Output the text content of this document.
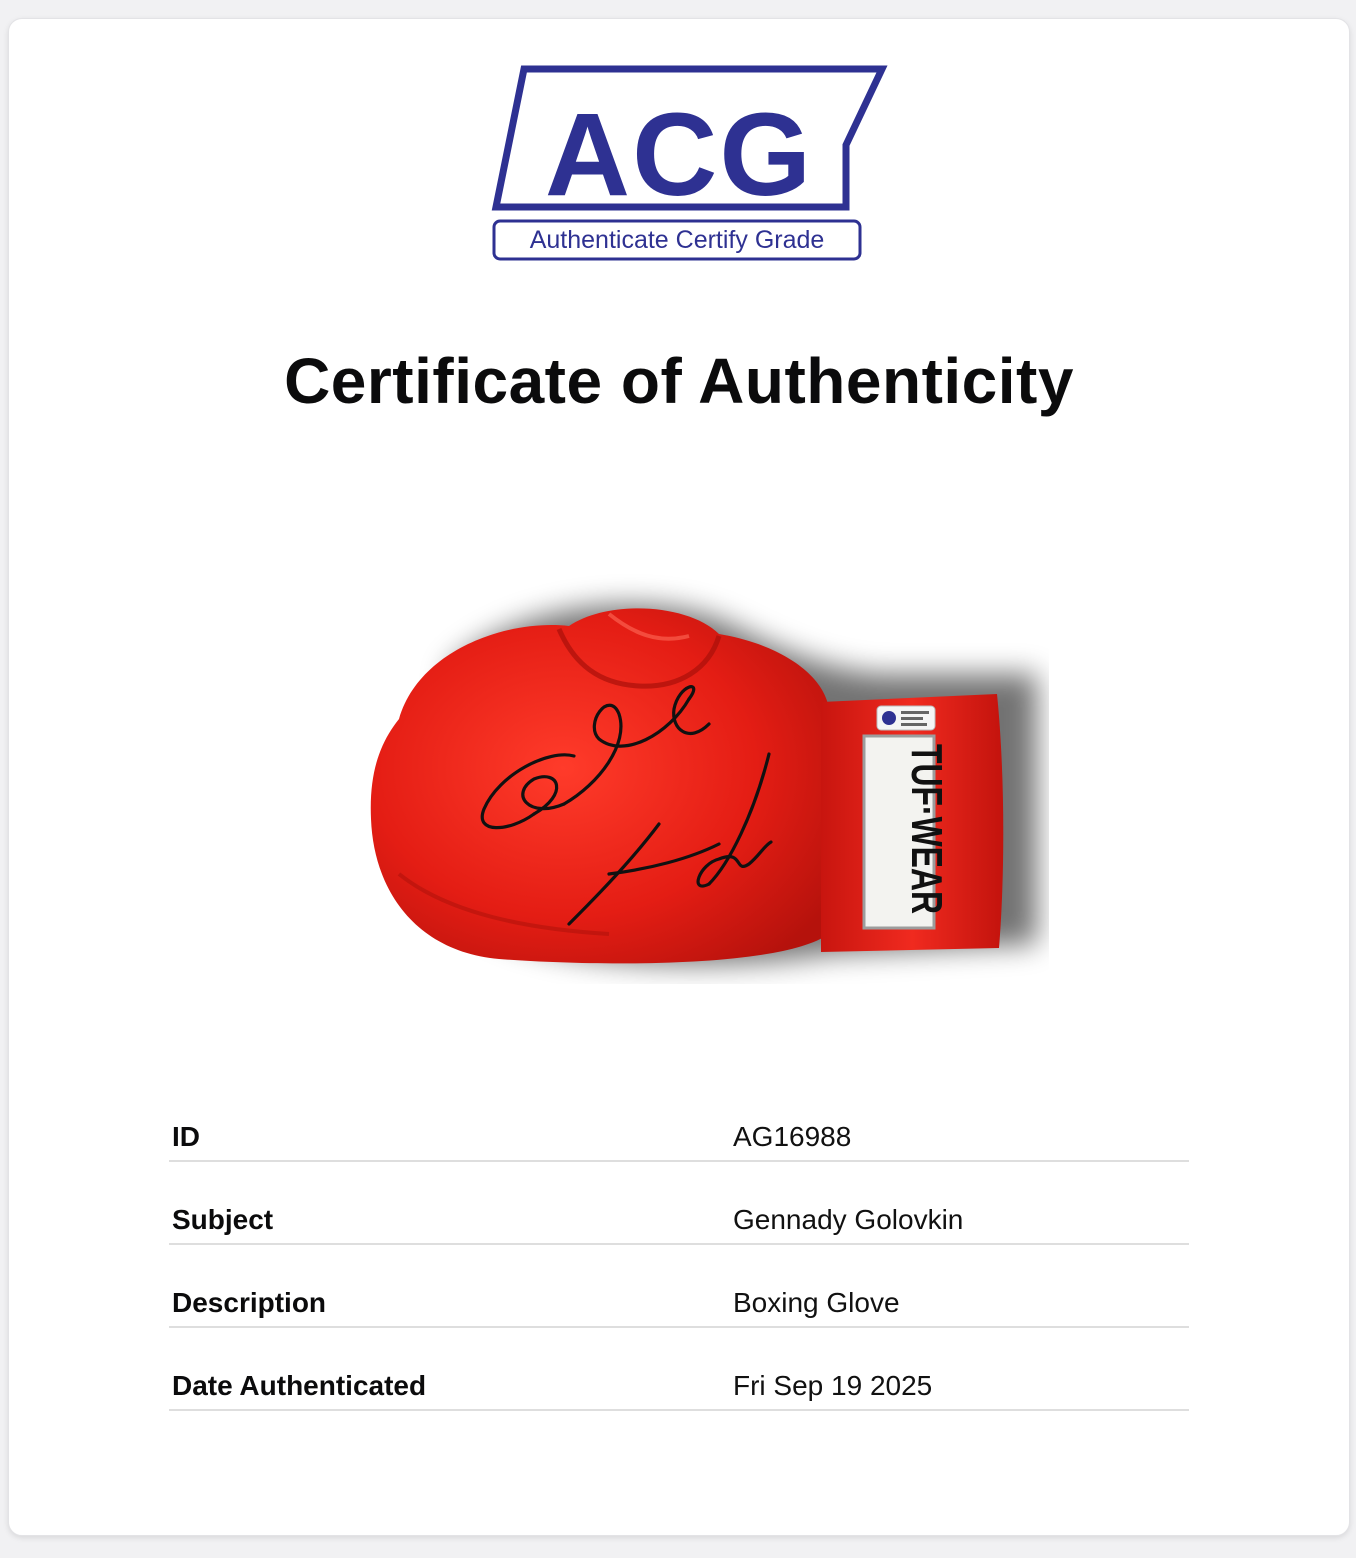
ACG
Authenticate Certify Grade
Certificate of Authenticity
TUF·WEAR
ID	AG16988
Subject	Gennady Golovkin
Description	Boxing Glove
Date Authenticated	Fri Sep 19 2025
